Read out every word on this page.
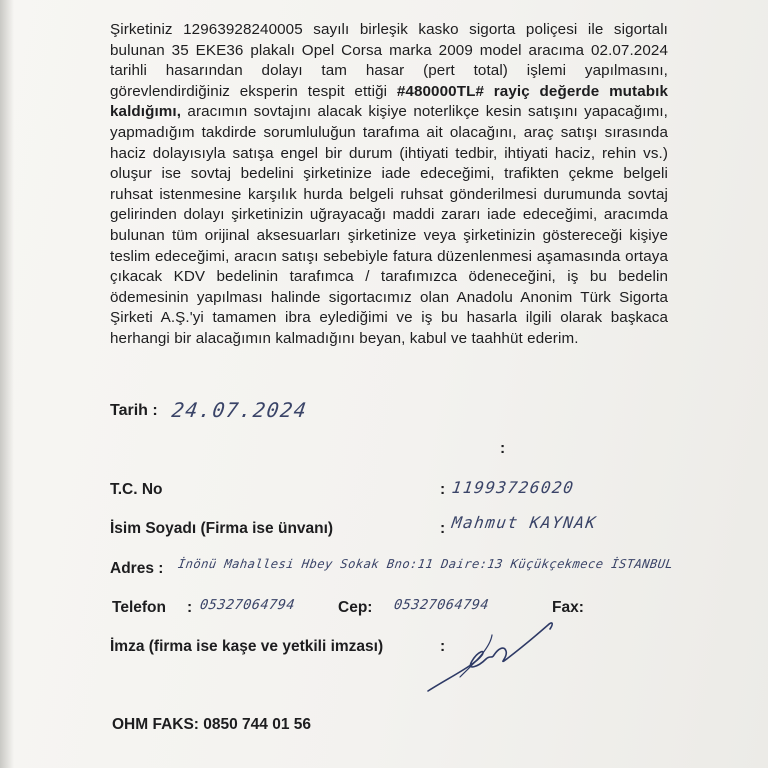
Şirketiniz 12963928240005 sayılı birleşik kasko sigorta poliçesi ile sigortalı bulunan 35 EKE36 plakalı Opel Corsa marka 2009 model aracıma 02.07.2024 tarihli hasarından dolayı tam hasar (pert total) işlemi yapılmasını, görevlendirdiğiniz eksperin tespit ettiği #480000TL# rayiç değerde mutabık kaldığımı, aracımın sovtajını alacak kişiye noterlikçe kesin satışını yapacağımı, yapmadığım takdirde sorumluluğun tarafıma ait olacağını, araç satışı sırasında haciz dolayısıyla satışa engel bir durum (ihtiyati tedbir, ihtiyati haciz, rehin vs.) oluşur ise sovtaj bedelini şirketinize iade edeceğimi, trafikten çekme belgeli ruhsat istenmesine karşılık hurda belgeli ruhsat gönderilmesi durumunda sovtaj gelirinden dolayı şirketinizin uğrayacağı maddi zararı iade edeceğimi, aracımda bulunan tüm orijinal aksesuarları şirketinize veya şirketinizin göstereceği kişiye teslim edeceğimi, aracın satışı sebebiyle fatura düzenlenmesi aşamasında ortaya çıkacak KDV bedelinin tarafımca / tarafımızca ödeneceğini, iş bu bedelin ödemesinin yapılması halinde sigortacımız olan Anadolu Anonim Türk Sigorta Şirketi A.Ş.'yi tamamen ibra eylediğimi ve iş bu hasarla ilgili olarak başkaca herhangi bir alacağımın kalmadığını beyan, kabul ve taahhüt ederim.
Tarih : 24.07.2024
:
T.C. No	: 11993726020
İsim Soyadı (Firma ise ünvanı)	: Mahmut KAYNAK
Adres : İnönü Mahallesi Hbey Sokak Bno:11 Daire:13 Küçükçekmece İSTANBUL
Telefon : 05327064794	Cep: 05327064794	Fax:
İmza (firma ise kaşe ve yetkili imzası)	:
OHM FAKS: 0850 744 01 56
